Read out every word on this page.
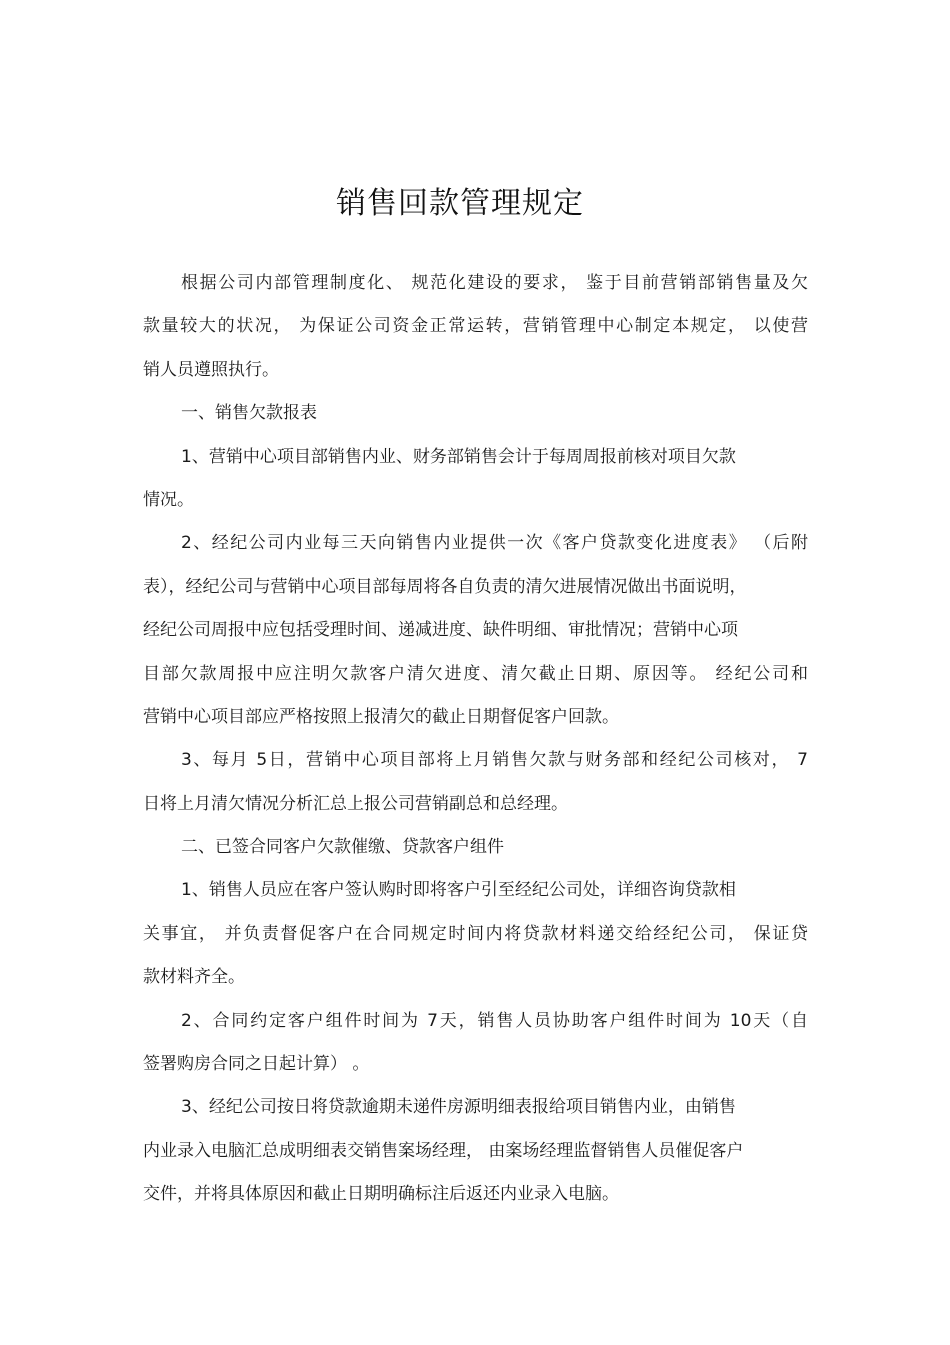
销售回款管理规定
根据公司内部管理制度化、 规范化建设的要求， 鉴于目前营销部销售量及欠
款量较大的状况， 为保证公司资金正常运转，营销管理中心制定本规定， 以使营
销人员遵照执行。
一、销售欠款报表
1、营销中心项目部销售内业、财务部销售会计于每周周报前核对项目欠款
情况。
2、经纪公司内业每三天向销售内业提供一次《客户贷款变化进度表》 （后附
表），经纪公司与营销中心项目部每周将各自负责的清欠进展情况做出书面说明，
经纪公司周报中应包括受理时间、递减进度、缺件明细、审批情况；营销中心项
目部欠款周报中应注明欠款客户清欠进度、清欠截止日期、原因等。 经纪公司和
营销中心项目部应严格按照上报清欠的截止日期督促客户回款。
3、每月 5日，营销中心项目部将上月销售欠款与财务部和经纪公司核对， 7
日将上月清欠情况分析汇总上报公司营销副总和总经理。
二、已签合同客户欠款催缴、贷款客户组件
1、销售人员应在客户签认购时即将客户引至经纪公司处，详细咨询贷款相
关事宜， 并负责督促客户在合同规定时间内将贷款材料递交给经纪公司， 保证贷
款材料齐全。
2、合同约定客户组件时间为 7天，销售人员协助客户组件时间为 10天（自
签署购房合同之日起计算） 。
3、经纪公司按日将贷款逾期未递件房源明细表报给项目销售内业，由销售
内业录入电脑汇总成明细表交销售案场经理， 由案场经理监督销售人员催促客户
交件，并将具体原因和截止日期明确标注后返还内业录入电脑。
